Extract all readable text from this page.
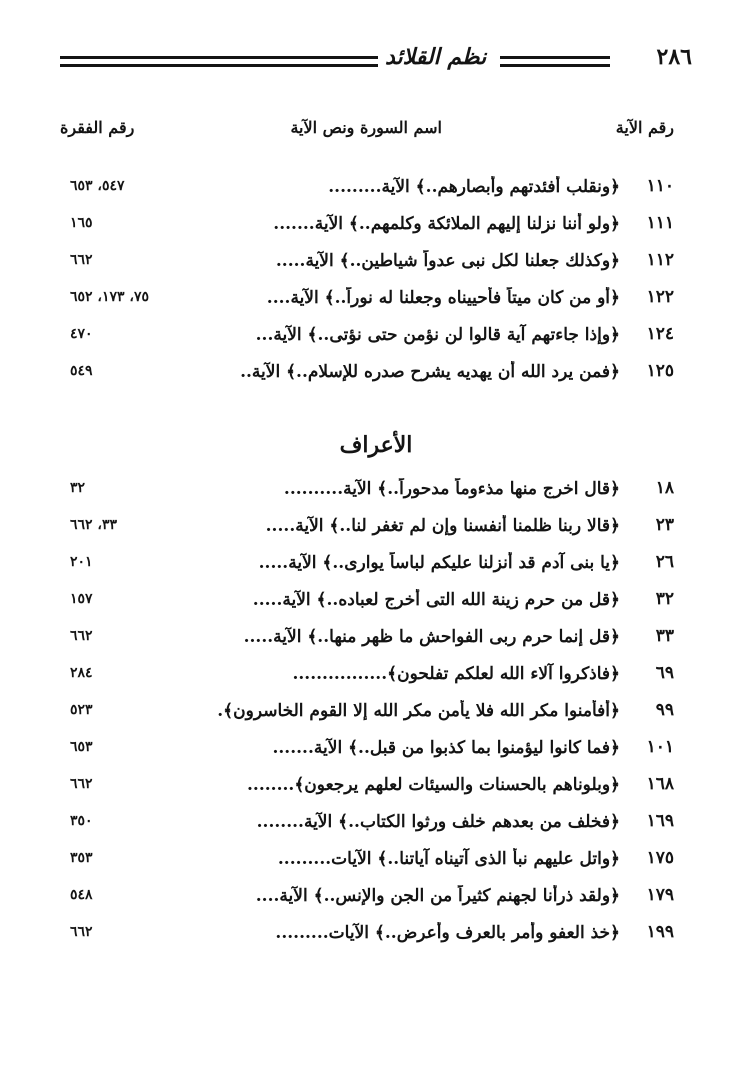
٢٨٦
نظم القلائد
رقم الآية
اسم السورة ونص الآية
رقم الفقرة
١١٠
﴿ونقلب أفئدتهم وأبصارهم..﴾ الآية.........
٥٤٧، ٦٥٣
١١١
﴿ولو أننا نزلنا إليهم الملائكة وكلمهم..﴾ الآية.......
١٦٥
١١٢
﴿وكذلك جعلنا لكل نبى عدواً شياطين..﴾ الآية.....
٦٦٢
١٢٢
﴿أو من كان ميتاً فأحييناه وجعلنا له نوراً..﴾ الآية....
٧٥، ١٧٣، ٦٥٢
١٢٤
﴿وإذا جاءتهم آية قالوا لن نؤمن حتى نؤتى..﴾ الآية...
٤٧٠
١٢٥
﴿فمن يرد الله أن يهديه يشرح صدره للإسلام..﴾ الآية..
٥٤٩
الأعراف
١٨
﴿قال اخرج منها مذءوماً مدحوراً..﴾ الآية..........
٣٢
٢٣
﴿قالا ربنا ظلمنا أنفسنا وإن لم تغفر لنا..﴾ الآية.....
٣٣، ٦٦٢
٢٦
﴿يا بنى آدم قد أنزلنا عليكم لباساً يوارى..﴾ الآية.....
٢٠١
٣٢
﴿قل من حرم زينة الله التى أخرج لعباده..﴾ الآية.....
١٥٧
٣٣
﴿قل إنما حرم ربى الفواحش ما ظهر منها..﴾ الآية.....
٦٦٢
٦٩
﴿فاذكروا آلاء الله لعلكم تفلحون﴾................
٢٨٤
٩٩
﴿أفأمنوا مكر الله فلا يأمن مكر الله إلا القوم الخاسرون﴾.
٥٢٣
١٠١
﴿فما كانوا ليؤمنوا بما كذبوا من قبل..﴾ الآية.......
٦٥٣
١٦٨
﴿وبلوناهم بالحسنات والسيئات لعلهم يرجعون﴾........
٦٦٢
١٦٩
﴿فخلف من بعدهم خلف ورثوا الكتاب..﴾ الآية........
٣٥٠
١٧٥
﴿واتل عليهم نبأ الذى آتيناه آياتنا..﴾ الآيات.........
٣٥٣
١٧٩
﴿ولقد ذرأنا لجهنم كثيراً من الجن والإنس..﴾ الآية....
٥٤٨
١٩٩
﴿خذ العفو وأمر بالعرف وأعرض..﴾ الآيات.........
٦٦٢
